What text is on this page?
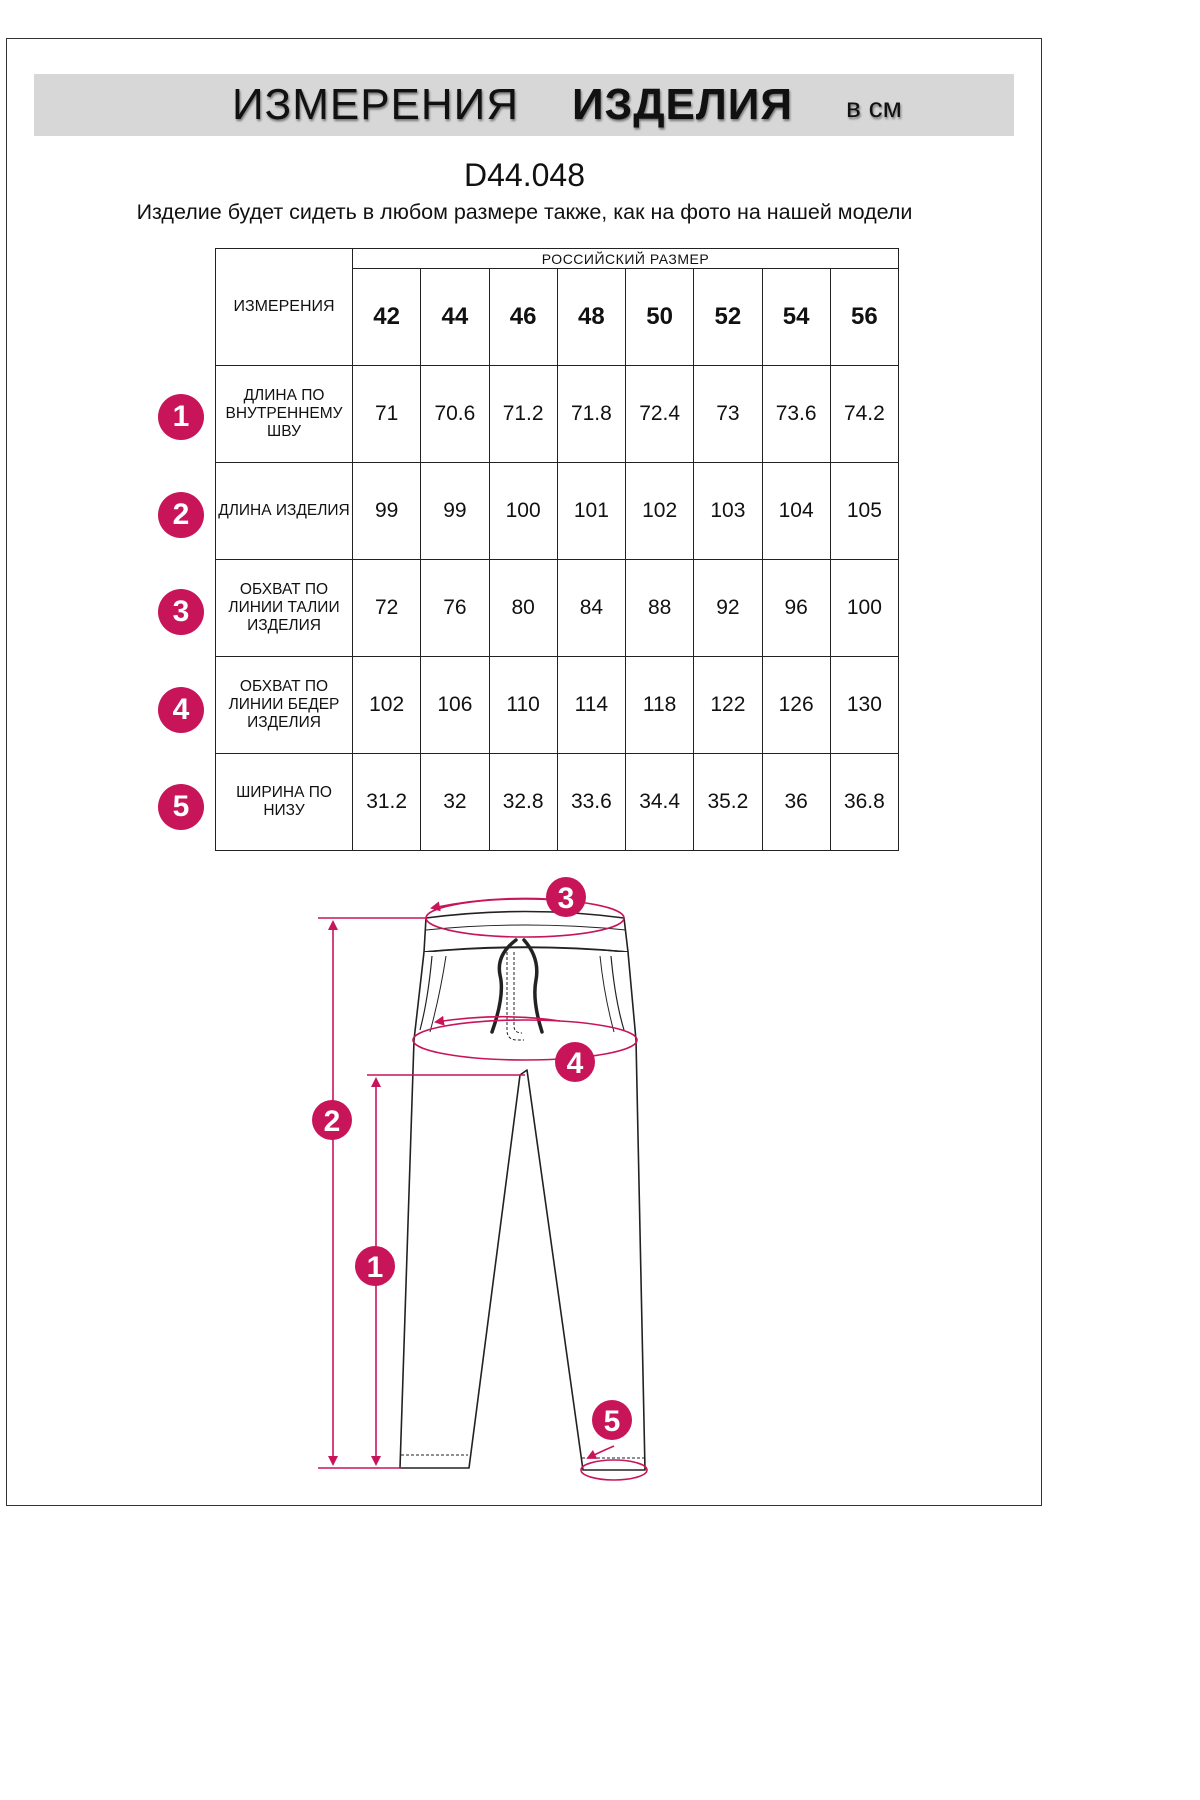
ИЗМЕРЕНИЯ ИЗДЕЛИЯ в см
D44.048
Изделие будет сидеть в любом размере также, как на фото на нашей модели
ИЗМЕРЕНИЯ	РОССИЙСКИЙ РАЗМЕР							
	42	44	46	48	50	52	54	56
ДЛИНА ПО ВНУТРЕННЕМУ ШВУ	71	70.6	71.2	71.8	72.4	73	73.6	74.2
ДЛИНА ИЗДЕЛИЯ	99	99	100	101	102	103	104	105
ОБХВАТ ПО ЛИНИИ ТАЛИИ ИЗДЕЛИЯ	72	76	80	84	88	92	96	100
ОБХВАТ ПО ЛИНИИ БЕДЕР ИЗДЕЛИЯ	102	106	110	114	118	122	126	130
ШИРИНА ПО НИЗУ	31.2	32	32.8	33.6	34.4	35.2	36	36.8
1
2
3
4
5
1
2
3
4
5
